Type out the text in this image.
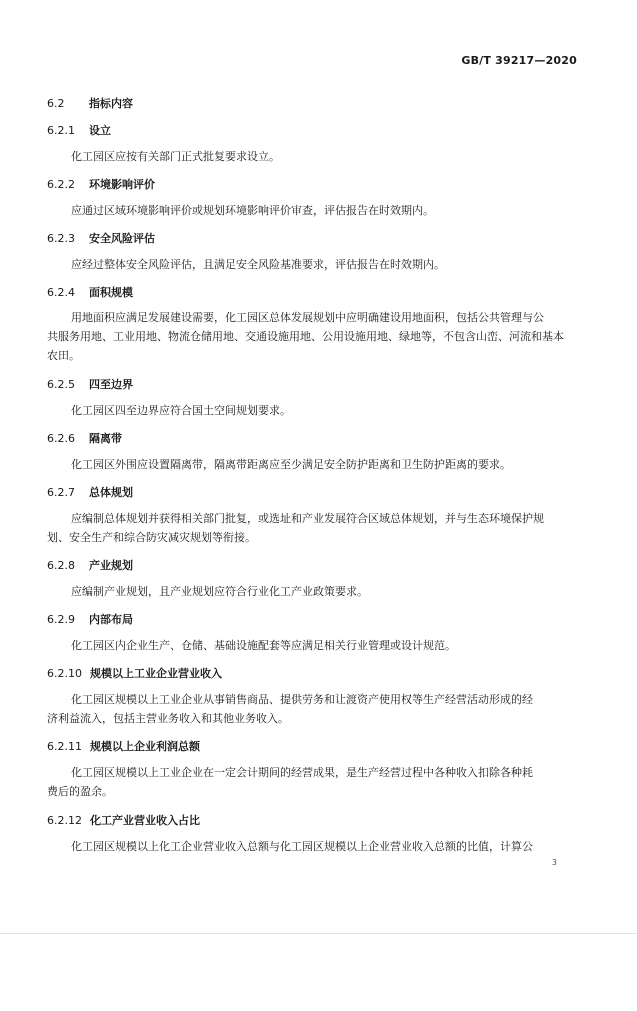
GB/T 39217—2020
6.2 指标内容
6.2.1 设立
化工园区应按有关部门正式批复要求设立。
6.2.2 环境影响评价
应通过区域环境影响评价或规划环境影响评价审查，评估报告在时效期内。
6.2.3 安全风险评估
应经过整体安全风险评估，且满足安全风险基准要求，评估报告在时效期内。
6.2.4 面积规模
用地面积应满足发展建设需要，化工园区总体发展规划中应明确建设用地面积，包括公共管理与公
共服务用地、工业用地、物流仓储用地、交通设施用地、公用设施用地、绿地等，不包含山峦、河流和基本
农田。
6.2.5 四至边界
化工园区四至边界应符合国土空间规划要求。
6.2.6 隔离带
化工园区外围应设置隔离带，隔离带距离应至少满足安全防护距离和卫生防护距离的要求。
6.2.7 总体规划
应编制总体规划并获得相关部门批复，或选址和产业发展符合区域总体规划，并与生态环境保护规
划、安全生产和综合防灾减灾规划等衔接。
6.2.8 产业规划
应编制产业规划，且产业规划应符合行业化工产业政策要求。
6.2.9 内部布局
化工园区内企业生产、仓储、基础设施配套等应满足相关行业管理或设计规范。
6.2.10 规模以上工业企业营业收入
化工园区规模以上工业企业从事销售商品、提供劳务和让渡资产使用权等生产经营活动形成的经
济利益流入，包括主营业务收入和其他业务收入。
6.2.11 规模以上企业利润总额
化工园区规模以上工业企业在一定会计期间的经营成果，是生产经营过程中各种收入扣除各种耗
费后的盈余。
6.2.12 化工产业营业收入占比
化工园区规模以上化工企业营业收入总额与化工园区规模以上企业营业收入总额的比值，计算公
3
